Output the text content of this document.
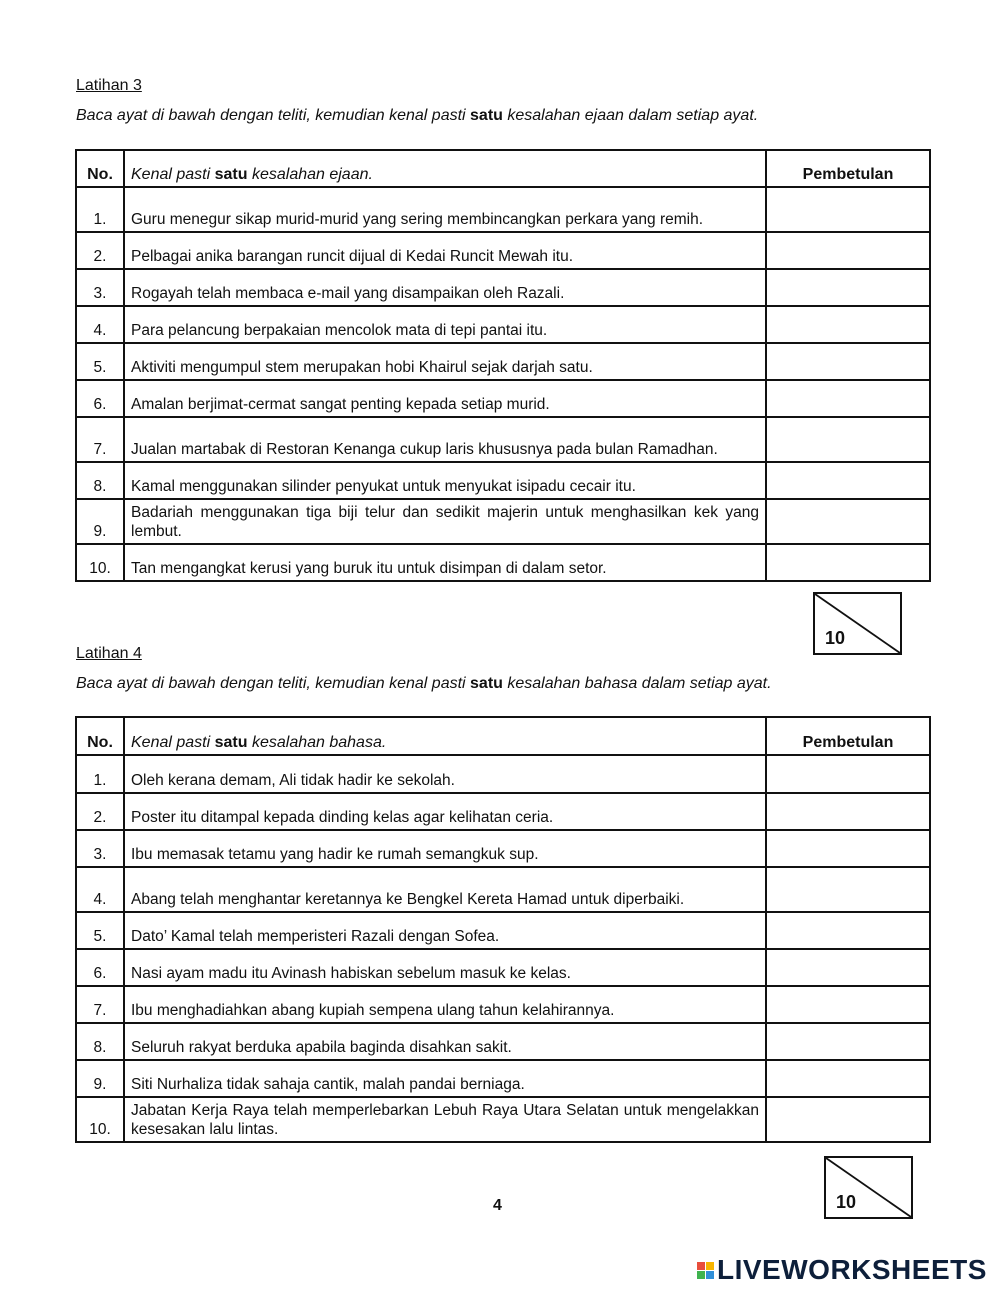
Latihan 3
Baca ayat di bawah dengan teliti, kemudian kenal pasti satu kesalahan ejaan dalam setiap ayat.
No.	Kenal pasti satu kesalahan ejaan.	Pembetulan
1.	Guru menegur sikap murid-murid yang sering membincangkan perkara yang remih.	
2.	Pelbagai anika barangan runcit dijual di Kedai Runcit Mewah itu.	
3.	Rogayah telah membaca e-mail yang disampaikan oleh Razali.	
4.	Para pelancung berpakaian mencolok mata di tepi pantai itu.	
5.	Aktiviti mengumpul stem merupakan hobi Khairul sejak darjah satu.	
6.	Amalan berjimat-cermat sangat penting kepada setiap murid.	
7.	Jualan martabak di Restoran Kenanga cukup laris khususnya pada bulan Ramadhan.	
8.	Kamal menggunakan silinder penyukat untuk menyukat isipadu cecair itu.	
9.	Badariah menggunakan tiga biji telur dan sedikit majerin untuk menghasilkan kek yang lembut.	
10.	Tan mengangkat kerusi yang buruk itu untuk disimpan di dalam setor.	
10
Latihan 4
Baca ayat di bawah dengan teliti, kemudian kenal pasti satu kesalahan bahasa dalam setiap ayat.
No.	Kenal pasti satu kesalahan bahasa.	Pembetulan
1.	Oleh kerana demam, Ali tidak hadir ke sekolah.	
2.	Poster itu ditampal kepada dinding kelas agar kelihatan ceria.	
3.	Ibu memasak tetamu yang hadir ke rumah semangkuk sup.	
4.	Abang telah menghantar keretannya ke Bengkel Kereta Hamad untuk diperbaiki.	
5.	Dato’ Kamal telah memperisteri Razali dengan Sofea.	
6.	Nasi ayam madu itu Avinash habiskan sebelum masuk ke kelas.	
7.	Ibu menghadiahkan abang kupiah sempena ulang tahun kelahirannya.	
8.	Seluruh rakyat berduka apabila baginda disahkan sakit.	
9.	Siti Nurhaliza tidak sahaja cantik, malah pandai berniaga.	
10.	Jabatan Kerja Raya telah memperlebarkan Lebuh Raya Utara Selatan untuk mengelakkan kesesakan lalu lintas.	
10
4
LIVEWORKSHEETS
